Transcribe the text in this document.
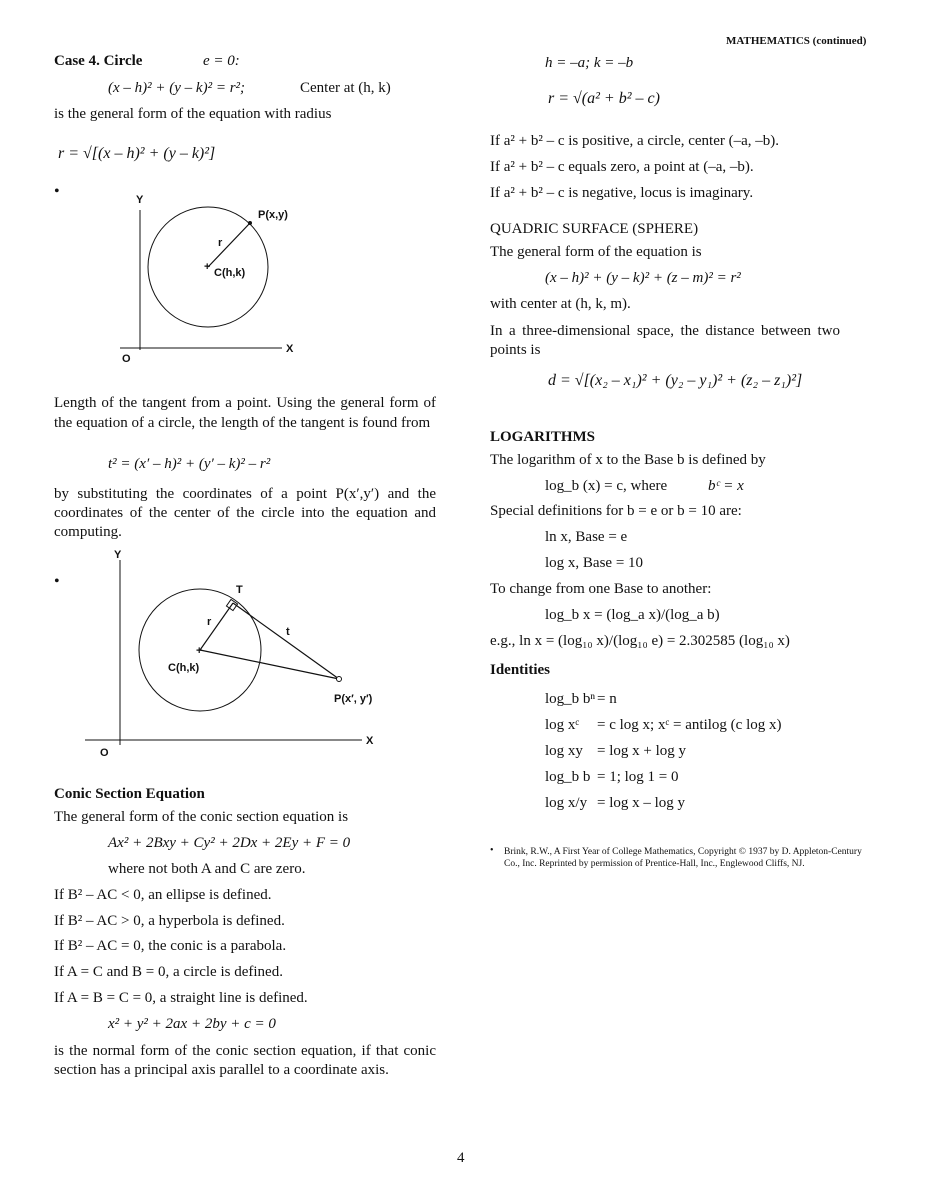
MATHEMATICS (continued)
Case 4. Circle	e = 0:
(x – h)² + (y – k)² = r²;	Center at (h, k)
is the general form of the equation with radius
r = √[(x – h)² + (y – k)²]
•
+
Y
X
O
P(x,y)
r
C(h,k)
Length of the tangent from a point. Using the general form of the equation of a circle, the length of the tangent is found from
t² = (x′ – h)² + (y′ – k)² – r²
by substituting the coordinates of a point P(x′,y′) and the coordinates of the center of the circle into the equation and computing.
•
+
Y
X
O
T
r
t
C(h,k)
P(x′, y′)
Conic Section Equation
The general form of the conic section equation is
Ax² + 2Bxy + Cy² + 2Dx + 2Ey + F = 0
where not both A and C are zero.
If B² – AC < 0, an ellipse is defined.
If B² – AC > 0, a hyperbola is defined.
If B² – AC = 0, the conic is a parabola.
If A = C and B = 0, a circle is defined.
If A = B = C = 0, a straight line is defined.
x² + y² + 2ax + 2by + c = 0
is the normal form of the conic section equation, if that conic section has a principal axis parallel to a coordinate axis.
h = –a; k = –b
r = √(a² + b² – c)
If a² + b² – c is positive, a circle, center (–a, –b).
If a² + b² – c equals zero, a point at (–a, –b).
If a² + b² – c is negative, locus is imaginary.
QUADRIC SURFACE (SPHERE)
The general form of the equation is
(x – h)² + (y – k)² + (z – m)² = r²
with center at (h, k, m).
In a three-dimensional space, the distance between two points is
d = √[(x₂ – x₁)² + (y₂ – y₁)² + (z₂ – z₁)²]
LOGARITHMS
The logarithm of x to the Base b is defined by
log_b (x) = c, where	bᶜ = x
Special definitions for b = e or b = 10 are:
ln x, Base = e
log x, Base = 10
To change from one Base to another:
log_b x = (log_a x)/(log_a b)
e.g., ln x = (log₁₀ x)/(log₁₀ e) = 2.302585 (log₁₀ x)
Identities
log_b bⁿ = n
log xᶜ = c log x; xᶜ = antilog (c log x)
log xy = log x + log y
log_b b = 1; log 1 = 0
log x/y = log x – log y
• Brink, R.W., A First Year of College Mathematics, Copyright © 1937 by D. Appleton-Century Co., Inc. Reprinted by permission of Prentice-Hall, Inc., Englewood Cliffs, NJ.
4
